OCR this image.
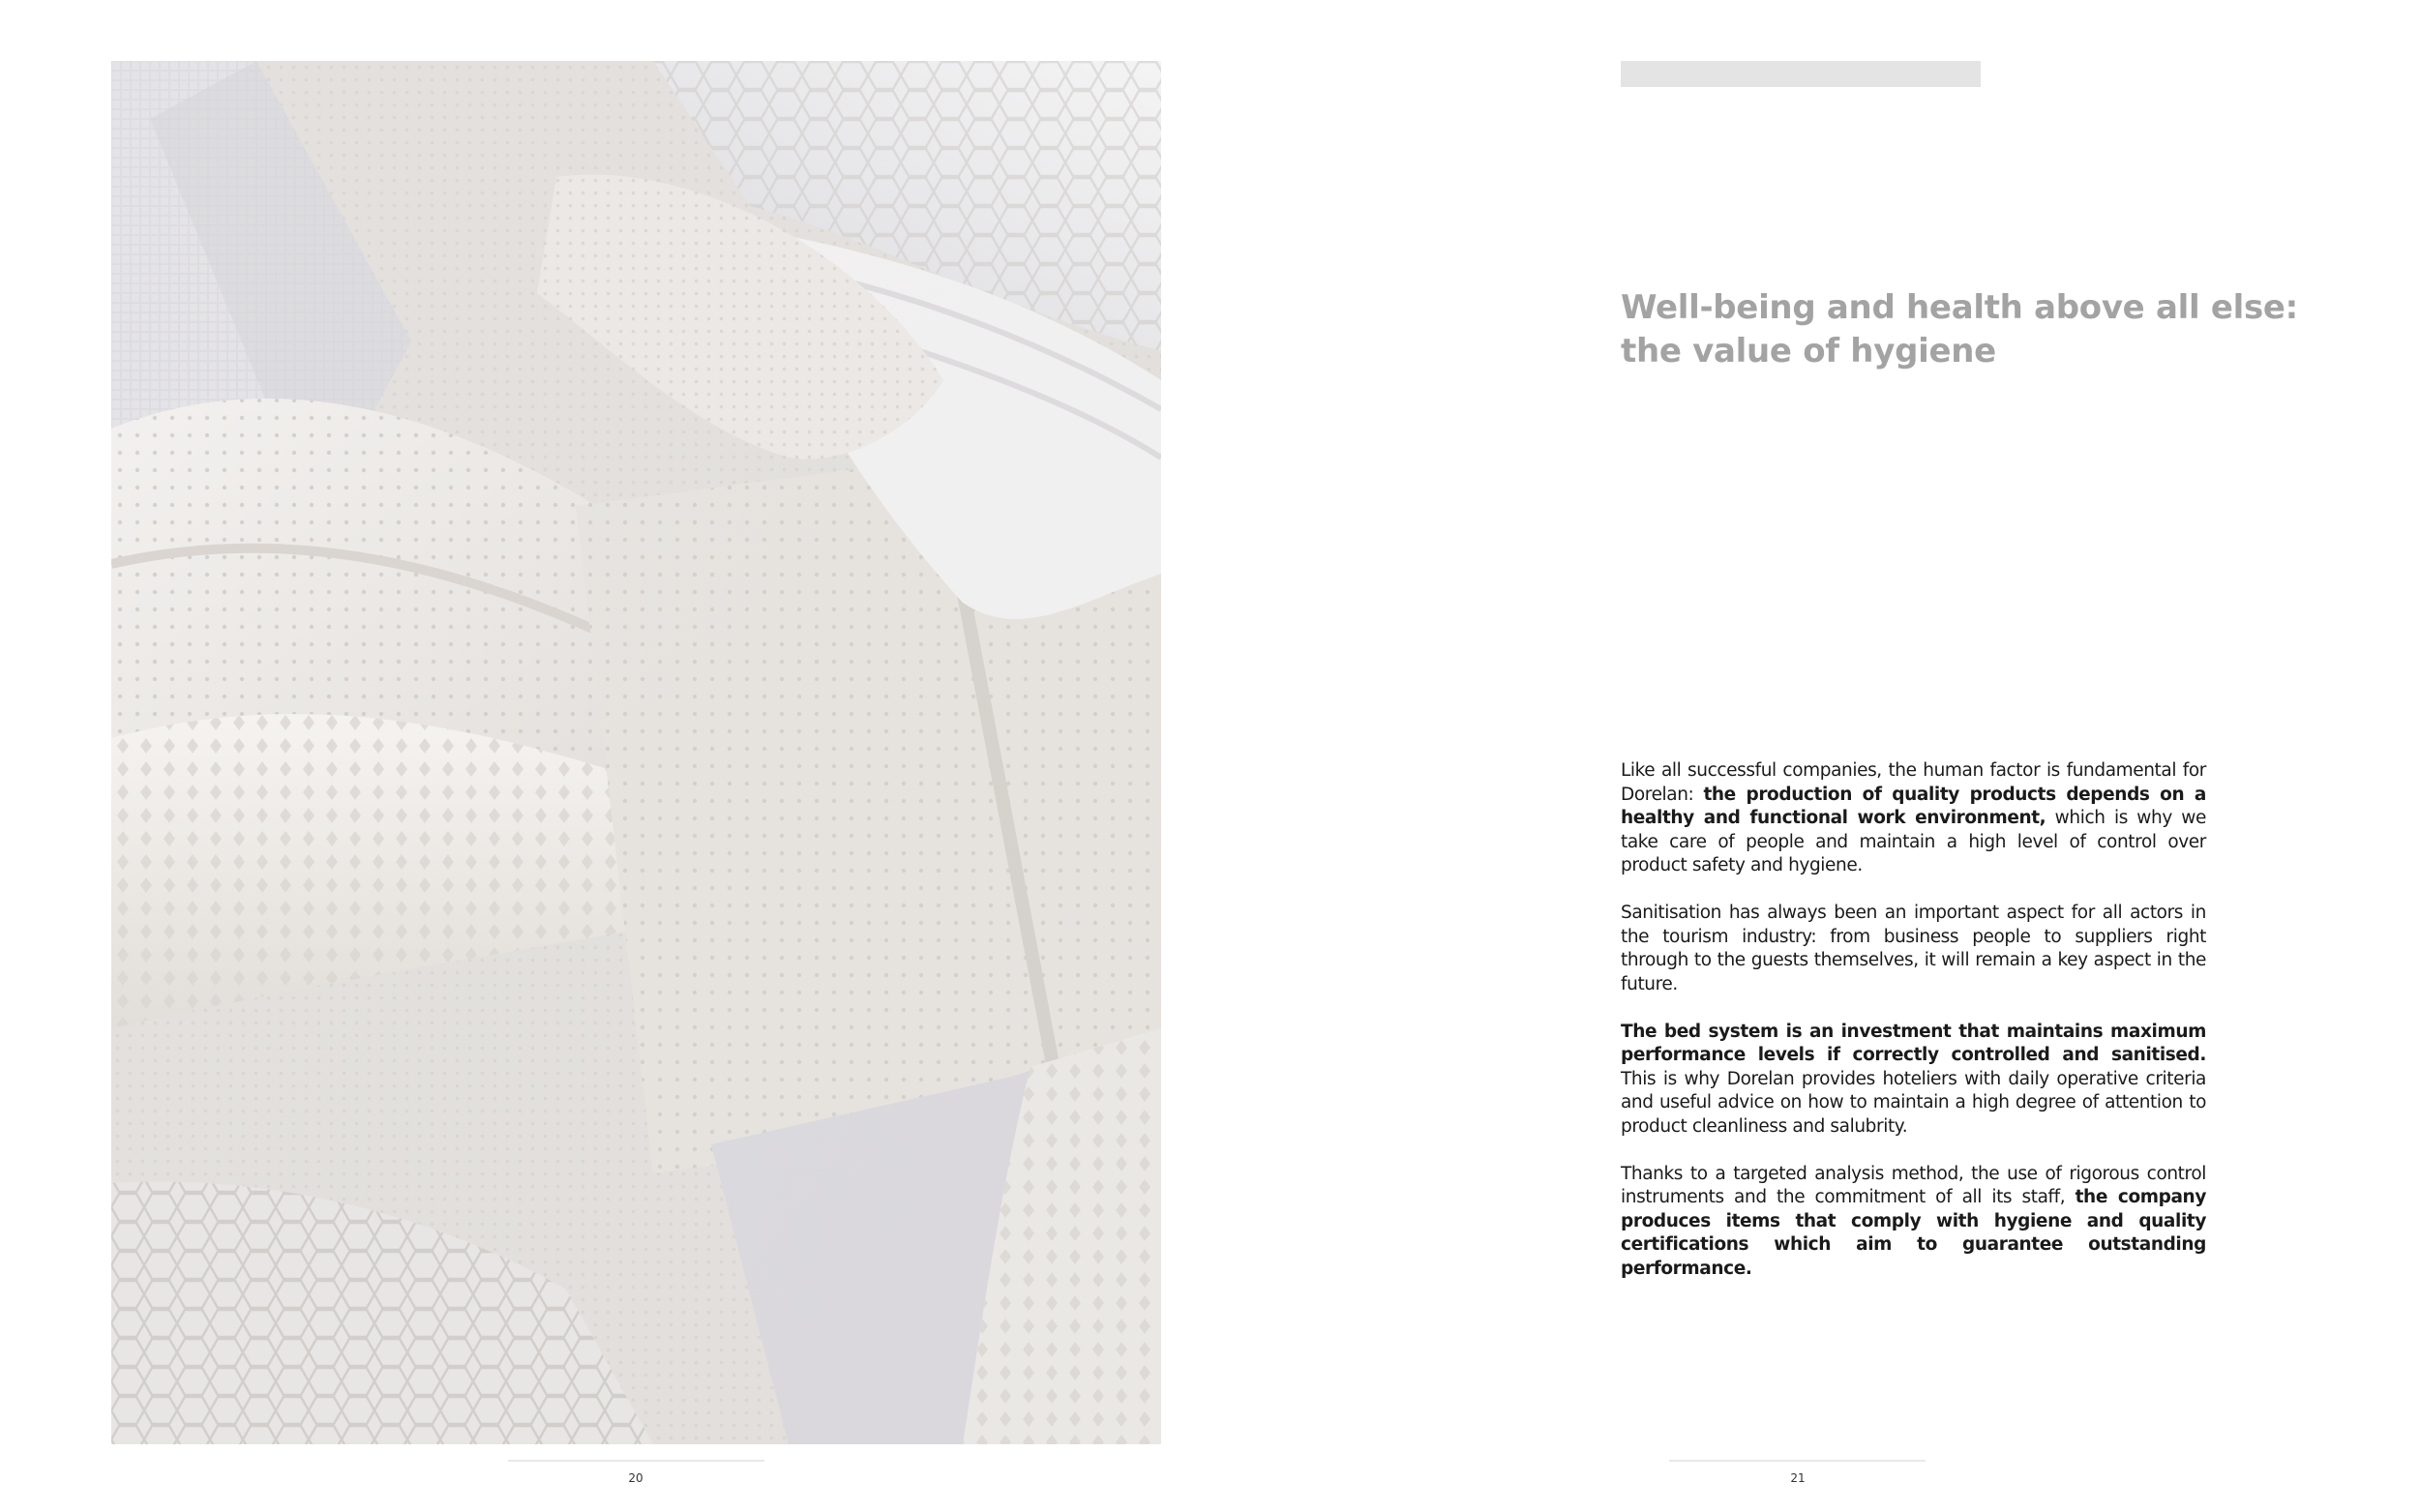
20
Well-being and health above all else:
the value of hygiene

Like all successful companies, the human factor is fundamental for Dorelan: the production of quality products depends on a healthy and functional work environment, which is why we take care of people and maintain a high level of control over product safety and hygiene.

Sanitisation has always been an important aspect for all actors in the tourism industry: from business people to suppliers right through to the guests themselves, it will remain a key aspect in the future.

The bed system is an investment that maintains maximum performance levels if correctly controlled and sanitised. This is why Dorelan provides hoteliers with daily operative criteria and useful advice on how to maintain a high degree of attention to product cleanliness and salubrity.

Thanks to a targeted analysis method, the use of rigorous control instruments and the commitment of all its staff, the company produces items that comply with hygiene and quality certifications which aim to guarantee outstanding performance.

21
